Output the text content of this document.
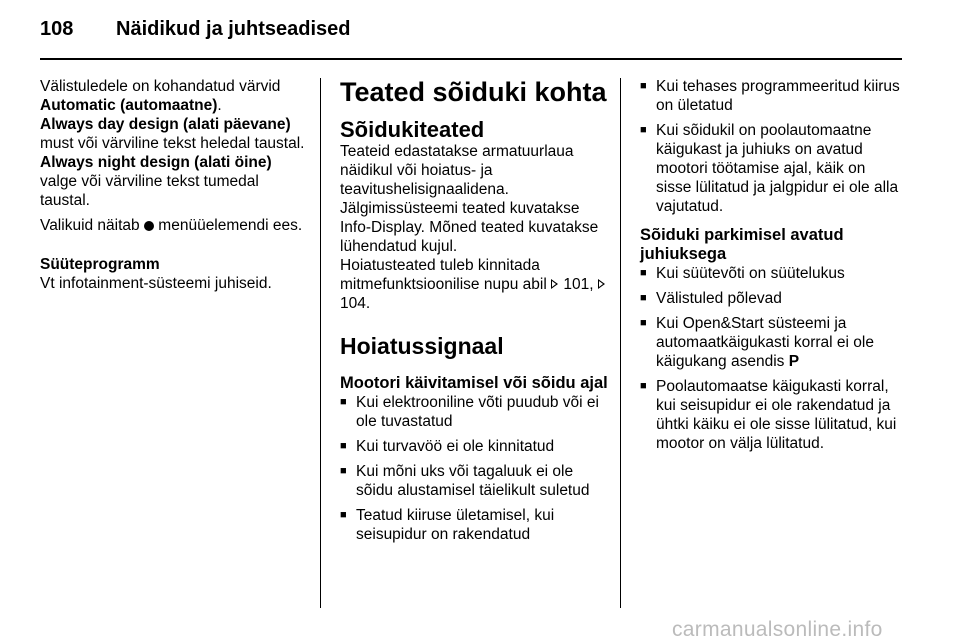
108	Näidikud ja juhtseadised

Välistuledele on kohandatud värvid Automatic (automaatne).

Always day design (alati päevane) must või värviline tekst heledal taustal.

Always night design (alati öine) valge või värviline tekst tumedal taustal.

Valikuid näitab menüüelemendi ees.

Süüteprogramm

Vt infotainment-süsteemi juhiseid.

Teated sõiduki kohta
Sõidukiteated

Teateid edastatakse armatuurlaua näidikul või hoiatus- ja teavitushelisignaalidena.

Jälgimissüsteemi teated kuvatakse Info-Display. Mõned teated kuvatakse lühendatud kujul.

Hoiatusteated tuleb kinnitada mitmefunktsioonilise nupu abil 101,  104.

Hoiatussignaal
Mootori käivitamisel või sõidu ajal
■ Kui elektrooniline võti puudub või ei ole tuvastatud
■ Kui turvavöö ei ole kinnitatud
■ Kui mõni uks või tagaluuk ei ole sõidu alustamisel täielikult suletud
■ Teatud kiiruse ületamisel, kui seisupidur on rakendatud
■ Kui tehases programmeeritud kiirus on ületatud
■ Kui sõidukil on poolautomaatne käigukast ja juhiuks on avatud mootori töötamise ajal, käik on sisse lülitatud ja jalgpidur ei ole alla vajutatud.
Sõiduki parkimisel avatud juhiuksega
■ Kui süütevõti on süütelukus
■ Välistuled põlevad
■ Kui Open&Start süsteemi ja automaatkäigukasti korral ei ole käigukang asendis P
■ Poolautomaatse käigukasti korral, kui seisupidur ei ole rakendatud ja ühtki käiku ei ole sisse lülitatud, kui mootor on välja lülitatud.
carmanualsonline.info
